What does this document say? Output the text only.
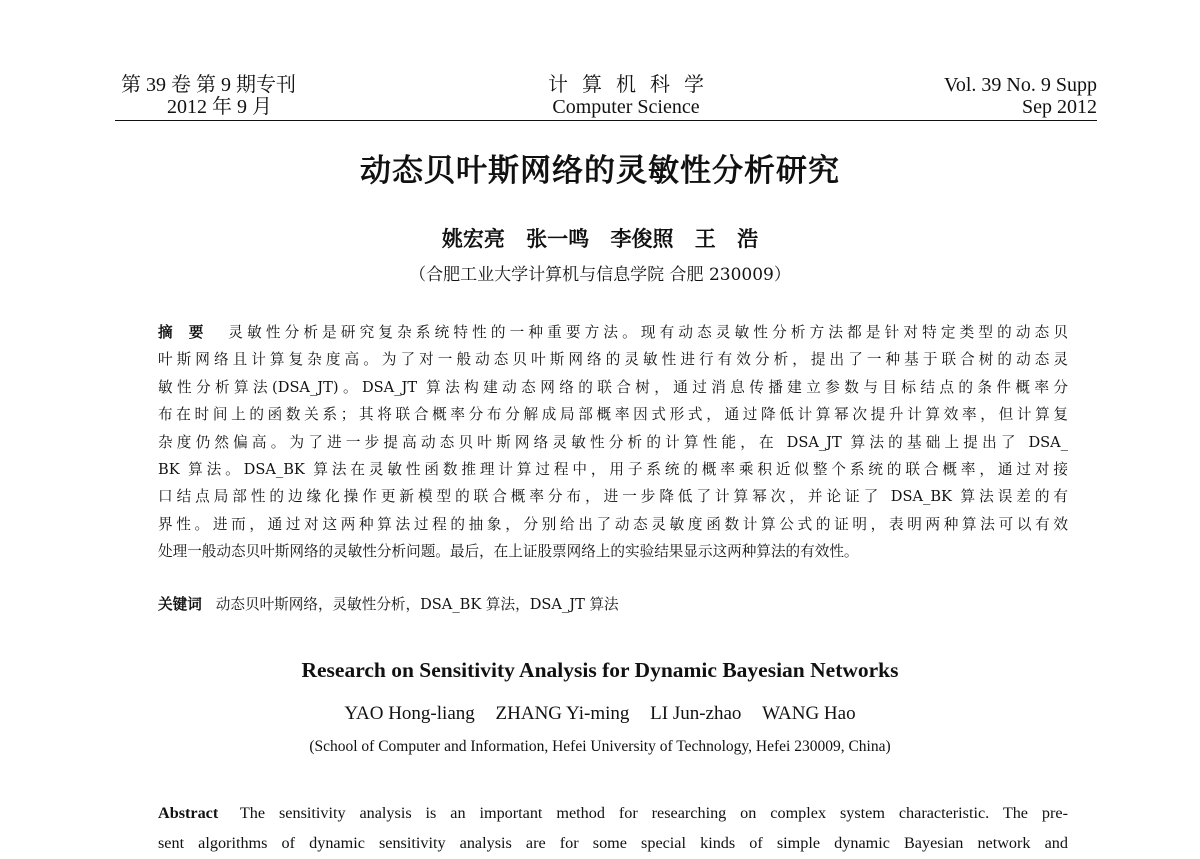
第 39 卷 第 9 期专刊
2012 年 9 月
计算机科学
Computer Science
Vol. 39 No. 9 Supp
Sep 2012
动态贝叶斯网络的灵敏性分析研究
姚宏亮 张一鸣 李俊照 王 浩
（合肥工业大学计算机与信息学院 合肥 230009）
摘要 灵敏性分析是研究复杂系统特性的一种重要方法。现有动态灵敏性分析方法都是针对特定类型的动态贝
叶斯网络且计算复杂度高。为了对一般动态贝叶斯网络的灵敏性进行有效分析，提出了一种基于联合树的动态灵
敏性分析算法(DSA_JT)。DSA_JT 算法构建动态网络的联合树，通过消息传播建立参数与目标结点的条件概率分
布在时间上的函数关系；其将联合概率分布分解成局部概率因式形式，通过降低计算幂次提升计算效率，但计算复
杂度仍然偏高。为了进一步提高动态贝叶斯网络灵敏性分析的计算性能，在 DSA_JT 算法的基础上提出了 DSA_
BK 算法。DSA_BK 算法在灵敏性函数推理计算过程中，用子系统的概率乘积近似整个系统的联合概率，通过对接
口结点局部性的边缘化操作更新模型的联合概率分布，进一步降低了计算幂次，并论证了 DSA_BK 算法误差的有
界性。进而，通过对这两种算法过程的抽象，分别给出了动态灵敏度函数计算公式的证明，表明两种算法可以有效
处理一般动态贝叶斯网络的灵敏性分析问题。最后，在上证股票网络上的实验结果显示这两种算法的有效性。
关键词 动态贝叶斯网络，灵敏性分析，DSA_BK 算法，DSA_JT 算法
Research on Sensitivity Analysis for Dynamic Bayesian Networks
YAO Hong-liang ZHANG Yi-ming LI Jun-zhao WANG Hao
(School of Computer and Information, Hefei University of Technology, Hefei 230009, China)
Abstract The sensitivity analysis is an important method for researching on complex system characteristic. The pre-
sent algorithms of dynamic sensitivity analysis are for some special kinds of simple dynamic Bayesian network and
